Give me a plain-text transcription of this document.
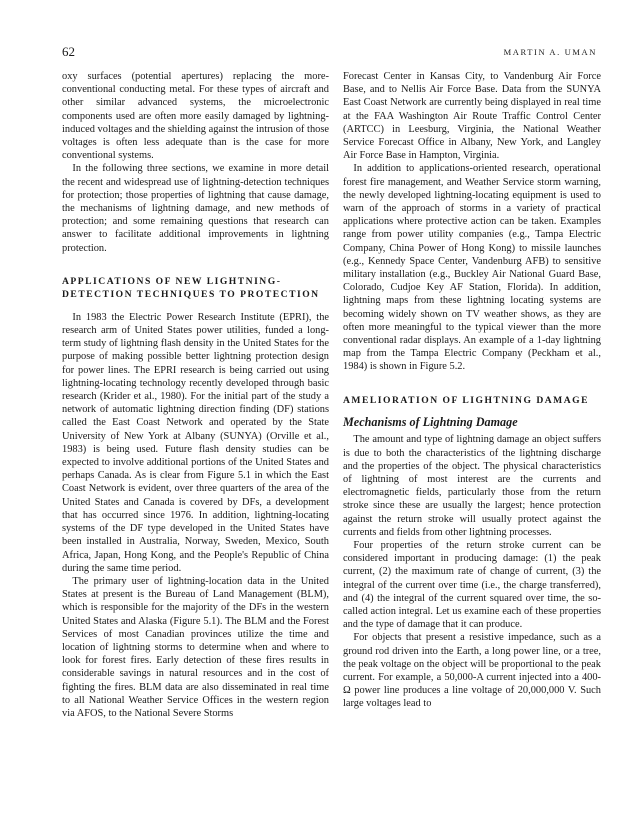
62	MARTIN A. UMAN

oxy surfaces (potential apertures) replacing the more-conventional conducting metal. For these types of aircraft and other similar advanced systems, the microelectronic components used are often more easily damaged by lightning-induced voltages and the shielding against the intrusion of those voltages is often less adequate than is the case for more conventional systems.

In the following three sections, we examine in more detail the recent and widespread use of lightning-detection techniques for protection; those properties of lightning that cause damage, the mechanisms of lightning damage, and new methods of protection; and some remaining questions that research can answer to facilitate additional improvements in lightning protection.

APPLICATIONS OF NEW LIGHTNING-DETECTION TECHNIQUES TO PROTECTION

In 1983 the Electric Power Research Institute (EPRI), the research arm of United States power utilities, funded a long-term study of lightning flash density in the United States for the purpose of making possible better lightning protection design for power lines. The EPRI research is being carried out using lightning-locating technology recently developed through basic research (Krider et al., 1980). For the initial part of the study a network of automatic lightning direction finding (DF) stations called the East Coast Network and operated by the State University of New York at Albany (SUNYA) (Orville et al., 1983) is being used. Future flash density studies can be expected to involve additional portions of the United States and perhaps Canada. As is clear from Figure 5.1 in which the East Coast Network is evident, over three quarters of the area of the United States and Canada is covered by DFs, a development that has occurred since 1976. In addition, lightning-locating systems of the DF type developed in the United States have been installed in Australia, Norway, Sweden, Mexico, South Africa, Japan, Hong Kong, and the People's Republic of China during the same time period.

The primary user of lightning-location data in the United States at present is the Bureau of Land Management (BLM), which is responsible for the majority of the DFs in the western United States and Alaska (Figure 5.1). The BLM and the Forest Services of most Canadian provinces utilize the time and location of lightning storms to determine when and where to look for forest fires. Early detection of these fires results in considerable savings in natural resources and in the cost of fighting the fires. BLM data are also disseminated in real time to all National Weather Service Offices in the western region via AFOS, to the National Severe Storms

Forecast Center in Kansas City, to Vandenburg Air Force Base, and to Nellis Air Force Base. Data from the SUNYA East Coast Network are currently being displayed in real time at the FAA Washington Air Route Traffic Control Center (ARTCC) in Leesburg, Virginia, the National Weather Service Forecast Office in Albany, New York, and Langley Air Force Base in Hampton, Virginia.

In addition to applications-oriented research, operational forest fire management, and Weather Service storm warning, the newly developed lightning-locating equipment is used to warn of the approach of storms in a variety of practical applications where protective action can be taken. Examples range from power utility companies (e.g., Tampa Electric Company, China Power of Hong Kong) to missile launches (e.g., Kennedy Space Center, Vandenburg AFB) to sensitive military installation (e.g., Buckley Air National Guard Base, Colorado, Cudjoe Key AF Station, Florida). In addition, lightning maps from these lightning locating systems are becoming widely shown on TV weather shows, as they are often more meaningful to the typical viewer than the more conventional radar displays. An example of a 1-day lightning map from the Tampa Electric Company (Peckham et al., 1984) is shown in Figure 5.2.

AMELIORATION OF LIGHTNING DAMAGE
Mechanisms of Lightning Damage

The amount and type of lightning damage an object suffers is due to both the characteristics of the lightning discharge and the properties of the object. The physical characteristics of lightning of most interest are the currents and electromagnetic fields, particularly those from the return stroke since these are usually the largest; hence protection against the return stroke will usually protect against the currents and fields from other lightning processes.

Four properties of the return stroke current can be considered important in producing damage: (1) the peak current, (2) the maximum rate of change of current, (3) the integral of the current over time (i.e., the charge transferred), and (4) the integral of the current squared over time, the so-called action integral. Let us examine each of these properties and the type of damage that it can produce.

For objects that present a resistive impedance, such as a ground rod driven into the Earth, a long power line, or a tree, the peak voltage on the object will be proportional to the peak current. For example, a 50,000-A current injected into a 400-Ω power line produces a line voltage of 20,000,000 V. Such large voltages lead to
